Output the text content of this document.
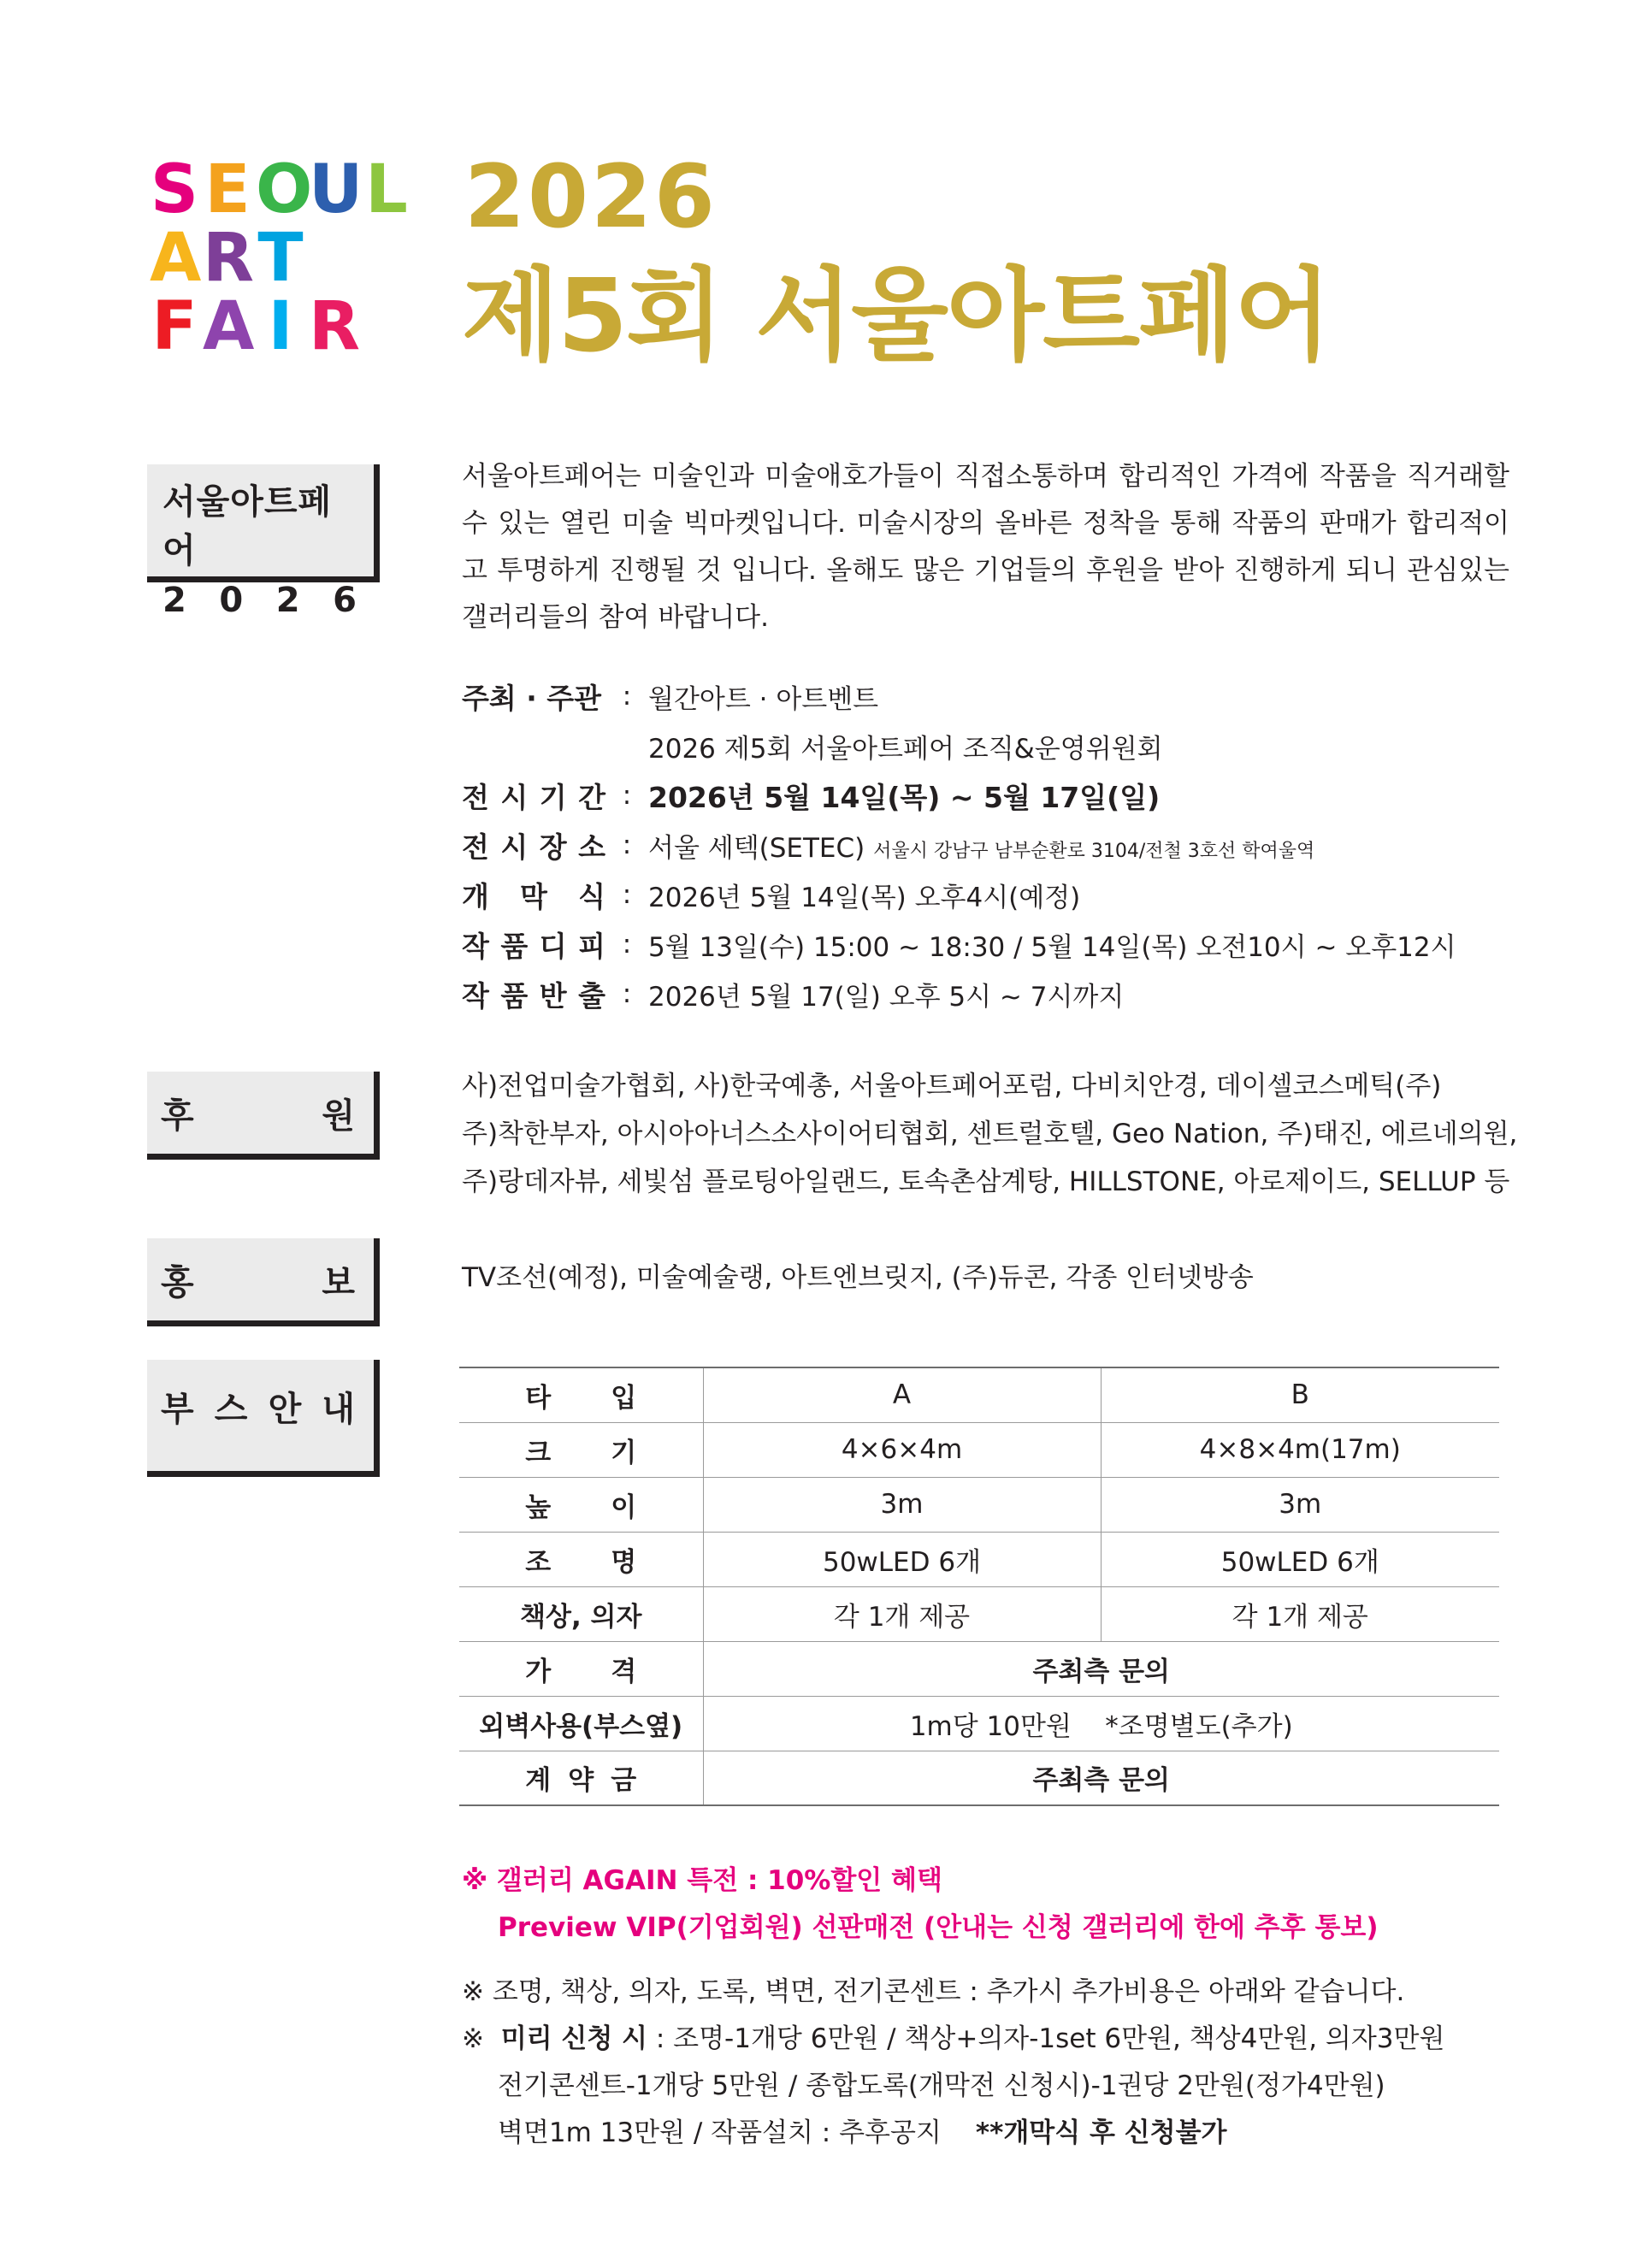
S E O
U L
A R T
F A I R
2026
제5회 서울아트페어
서울아트페어
2 0 2 6
후	원
홍	보
부 스 안 내

서울아트페어는 미술인과 미술애호가들이 직접소통하며 합리적인 가격에 작품을 직거래할 수 있는 열린 미술 빅마켓입니다. 미술시장의 올바른 정착을 통해 작품의 판매가 합리적이고 투명하게 진행될 것 입니다. 올해도 많은 기업들의 후원을 받아 진행하게 되니 관심있는 갤러리들의 참여 바랍니다.

주최 · 주관 : 월간아트 · 아트벤트
2026 제5회 서울아트페어 조직&운영위원회
전 시 기 간 : 2026년 5월 14일(목) ~ 5월 17일(일)
전 시 장 소 : 서울 세텍(SETEC) 서울시 강남구 남부순환로 3104/전철 3호선 학여울역
개 막 식 : 2026년 5월 14일(목) 오후4시(예정)
작 품 디 피 : 5월 13일(수) 15:00 ~ 18:30 / 5월 14일(목) 오전10시 ~ 오후12시
작 품 반 출 : 2026년 5월 17(일) 오후 5시 ~ 7시까지
사)전업미술가협회, 사)한국예총, 서울아트페어포럼, 다비치안경, 데이셀코스메틱(주)
주)착한부자, 아시아아너스소사이어티협회, 센트럴호텔, Geo Nation, 주)태진, 에르네의원,
주)랑데자뷰, 세빛섬 플로팅아일랜드, 토속촌삼계탕, HILLSTONE, 아로제이드, SELLUP 등
TV조선(예정), 미술예술랭, 아트엔브릿지, (주)듀콘, 각종 인터넷방송
타 입	A	B

크 기	4×6×4m	4×8×4m(17m)

높 이	3m	3m

조 명	50wLED 6개	50wLED 6개
책상, 의자	각 1개 제공	각 1개 제공

가 격	주최측 문의	
외벽사용(부스옆)	1m당 10만원    *조명별도(추가)	

계 약 금	주최측 문의	
※ 갤러리 AGAIN 특전 : 10%할인 혜택
Preview VIP(기업회원) 선판매전 (안내는 신청 갤러리에 한에 추후 통보)
※ 조명, 책상, 의자, 도록, 벽면, 전기콘센트 : 추가시 추가비용은 아래와 같습니다.
※  미리 신청 시 : 조명-1개당 6만원 / 책상+의자-1set 6만원, 책상4만원, 의자3만원
전기콘센트-1개당 5만원 / 종합도록(개막전 신청시)-1권당 2만원(정가4만원)
벽면1m 13만원 / 작품설치 : 추후공지 **개막식 후 신청불가
